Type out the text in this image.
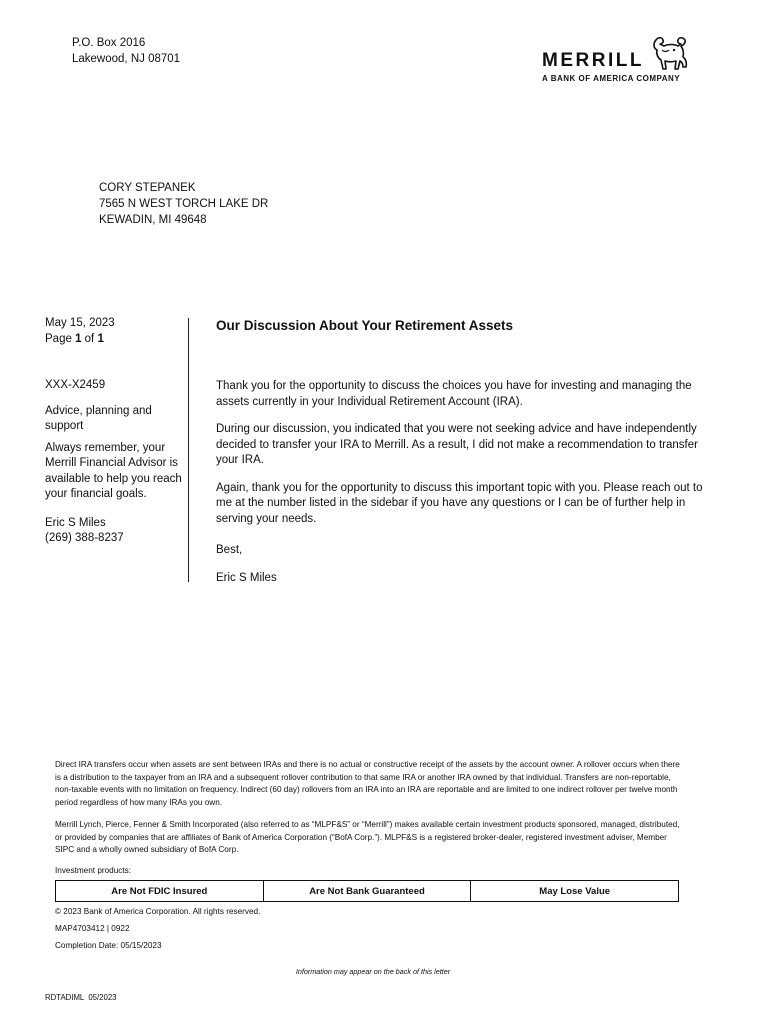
P.O. Box 2016
Lakewood, NJ 08701	MERRILL
A BANK OF AMERICA COMPANY
CORY STEPANEK
7565 N WEST TORCH LAKE DR
KEWADIN, MI 49648

May 15, 2023

Page 1 of 1

XXX-X2459

Advice, planning and support

Always remember, your Merrill Financial Advisor is available to help you reach your financial goals.

Eric S Miles

(269) 388-8237

Our Discussion About Your Retirement Assets

Thank you for the opportunity to discuss the choices you have for investing and managing the assets currently in your Individual Retirement Account (IRA).

During our discussion, you indicated that you were not seeking advice and have independently decided to transfer your IRA to Merrill. As a result, I did not make a recommendation to transfer your IRA.

Again, thank you for the opportunity to discuss this important topic with you. Please reach out to me at the number listed in the sidebar if you have any questions or I can be of further help in serving your needs.

Best,

Eric S Miles

Direct IRA transfers occur when assets are sent between IRAs and there is no actual or constructive receipt of the assets by the account owner. A rollover occurs when there is a distribution to the taxpayer from an IRA and a subsequent rollover contribution to that same IRA or another IRA owned by that individual. Transfers are non-reportable, non-taxable events with no limitation on frequency. Indirect (60 day) rollovers from an IRA into an IRA are reportable and are limited to one indirect rollover per twelve month period regardless of how many IRAs you own.

Merrill Lynch, Pierce, Fenner & Smith Incorporated (also referred to as “MLPF&S” or “Merrill”) makes available certain investment products sponsored, managed, distributed, or provided by companies that are affiliates of Bank of America Corporation (“BofA Corp.”). MLPF&S is a registered broker-dealer, registered investment adviser, Member SIPC and a wholly owned subsidiary of BofA Corp.

Investment products:
Are Not FDIC Insured	Are Not Bank Guaranteed	May Lose Value
© 2023 Bank of America Corporation. All rights reserved.
MAP4703412 | 0922
Completion Date: 05/15/2023
Information may appear on the back of this letter
RDTADIML  05/2023
